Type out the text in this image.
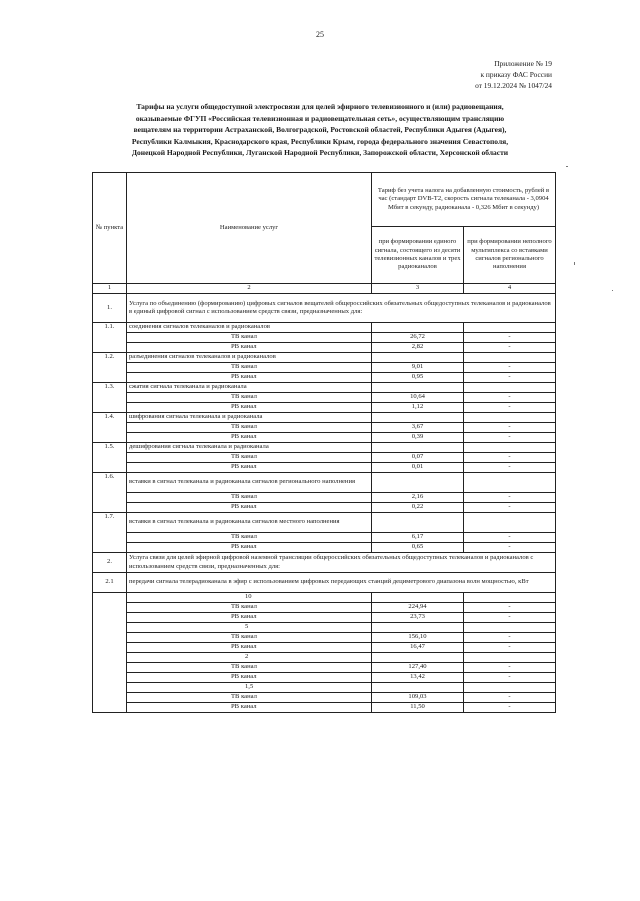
25
Приложение № 19
к приказу ФАС России
от 19.12.2024 № 1047/24
Тарифы на услуги общедоступной электросвязи для целей эфирного телевизионного и (или) радиовещания,
оказываемые ФГУП «Российская телевизионная и радиовещательная сеть», осуществляющим трансляцию
вещателям на территории Астраханской, Волгоградской, Ростовской областей, Республики Адыгея (Адыгея),
Республики Калмыкия, Краснодарского края, Республики Крым, города федерального значения Севастополя,
Донецкой Народной Республики, Луганской Народной Республики, Запорожской области, Херсонской области
№ пункта	Наименование услуг	Тариф без учета налога на добавленную стоимость, рублей в час (стандарт DVB-T2, скорость сигнала телеканала - 3,0904 Мбит в секунду, радиоканала - 0,326 Мбит в секунду)	
		при формировании единого сигнала, состоящего из десяти телевизионных каналов и трех радиоканалов	при формировании неполного мультиплекса со вставками сигналов регионального наполнения
1	2	3	4
1.	Услуга по объединению (формированию) цифровых сигналов вещателей общероссийских обязательных общедоступных телеканалов и радиоканалов в единый цифровой сигнал с использованием средств связи, предназначенных для:		
1.1.	соединения сигналов телеканалов и радиоканалов		
	ТВ канал	26,72	-
	РВ канал	2,82	-
1.2.	разъединения сигналов телеканалов и радиоканалов		
	ТВ канал	9,01	-
	РВ канал	0,95	-
1.3.	сжатия сигнала телеканала и радиоканала		
	ТВ канал	10,64	-
	РВ канал	1,12	-
1.4.	шифрования сигнала телеканала и радиоканала		
	ТВ канал	3,67	-
	РВ канал	0,39	-
1.5.	дешифрования сигнала телеканала и радиоканала		
	ТВ канал	0,07	-
	РВ канал	0,01	-
1.6.	вставки в сигнал телеканала и радиоканала сигналов регионального наполнения		
	ТВ канал	2,16	-
	РВ канал	0,22	-
1.7.	вставки в сигнал телеканала и радиоканала сигналов местного наполнения		
	ТВ канал	6,17	-
	РВ канал	0,65	-
2.	Услуга связи для целей эфирной цифровой наземной трансляции общероссийских обязательных общедоступных телеканалов и радиоканалов с использованием средств связи, предназначенных для:		
2.1	передачи сигнала телерадиоканала в эфир с использованием цифровых передающих станций дециметрового диапазона волн мощностью, кВт		
	10		
	ТВ канал	224,94	-
	РВ канал	23,73	-
	5		
	ТВ канал	156,10	-
	РВ канал	16,47	-
	2		
	ТВ канал	127,40	-
	РВ канал	13,42	-
	1,5		
	ТВ канал	109,03	-
	РВ канал	11,50	-
